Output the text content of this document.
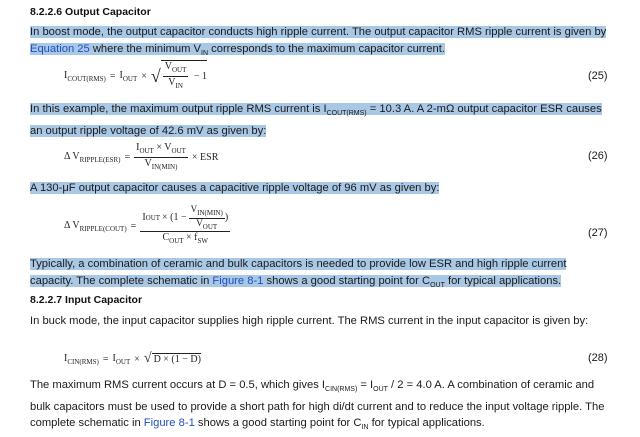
8.2.2.6 Output Capacitor
In boost mode, the output capacitor conducts high ripple current. The output capacitor RMS ripple current is given by Equation 25 where the minimum $V_{IN}$ corresponds to the maximum capacitor current.
$I_{COUT(RMS)} = I_{OUT}$ × √ $\frac{V_{OUT}}{V_{IN}} - 1$	(25)
In this example, the maximum output ripple RMS current is $I_{COUT(RMS)} = 10.3$ A. A 2-mΩ output capacitor ESR causes an output ripple voltage of 42.6 mV as given by:
Δ $V_{RIPPLE(ESR)} = \frac{I_{OUT} \times V_{OUT}}{V_{IN(MIN)}}$ × ESR	(26)
A 130-μF output capacitor causes a capacitive ripple voltage of 96 mV as given by:
Δ $V_{RIPPLE(COUT)}$ =
I OUT × ($1 - \frac{V_{IN(MIN)}}{V_{OUT}}$ )
$C_{OUT} \times f_{SW}$
(27)
Typically, a combination of ceramic and bulk capacitors is needed to provide low ESR and high ripple current capacity. The complete schematic in Figure 8-1 shows a good starting point for $C_{OUT}$ for typical applications.
8.2.2.7 Input Capacitor
In buck mode, the input capacitor supplies high ripple current. The RMS current in the input capacitor is given by:
$I_{CIN(RMS)} = I_{OUT}$ × √ D × (1 − D)	(28)
The maximum RMS current occurs at D = 0.5, which gives $I_{CIN(RMS)} = I_{OUT} / 2 = 4.0$ A. A combination of ceramic and bulk capacitors must be used to provide a short path for high di/dt current and to reduce the input voltage ripple. The complete schematic in Figure 8-1 shows a good starting point for $C_{IN}$ for typical applications.
